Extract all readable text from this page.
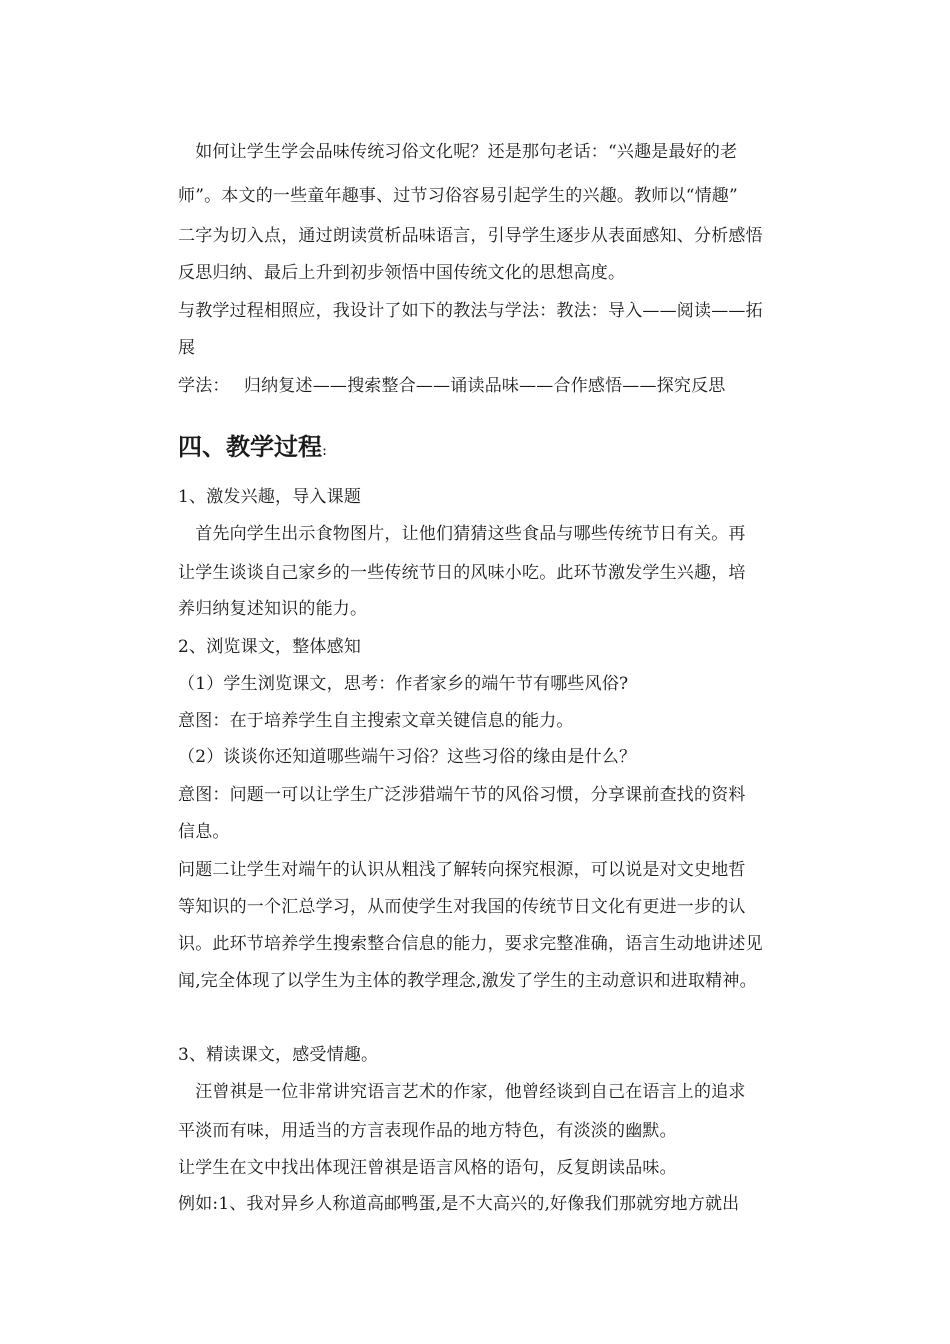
　如何让学生学会品味传统习俗文化呢？还是那句老话：“兴趣是最好的老
师”。本文的一些童年趣事、过节习俗容易引起学生的兴趣。教师以“情趣”
二字为切入点，通过朗读赏析品味语言，引导学生逐步从表面感知、分析感悟
反思归纳、最后上升到初步领悟中国传统文化的思想高度。
与教学过程相照应，我设计了如下的教法与学法：教法：导入——阅读——拓
展
学法：　 归纳复述——搜索整合——诵读品味——合作感悟——探究反思
四、教学过程:
1、激发兴趣，导入课题
　首先向学生出示食物图片，让他们猜猜这些食品与哪些传统节日有关。再
让学生谈谈自己家乡的一些传统节日的风味小吃。此环节激发学生兴趣，培
养归纳复述知识的能力。
2、浏览课文，整体感知
（1）学生浏览课文，思考：作者家乡的端午节有哪些风俗?
意图：在于培养学生自主搜索文章关键信息的能力。
（2）谈谈你还知道哪些端午习俗？这些习俗的缘由是什么？
意图：问题一可以让学生广泛涉猎端午节的风俗习惯，分享课前查找的资料
信息。
问题二让学生对端午的认识从粗浅了解转向探究根源，可以说是对文史地哲
等知识的一个汇总学习，从而使学生对我国的传统节日文化有更进一步的认
识。此环节培养学生搜索整合信息的能力，要求完整准确，语言生动地讲述见
闻,完全体现了以学生为主体的教学理念,激发了学生的主动意识和进取精神。
3、精读课文，感受情趣。
　汪曾祺是一位非常讲究语言艺术的作家，他曾经谈到自己在语言上的追求
平淡而有味，用适当的方言表现作品的地方特色，有淡淡的幽默。
让学生在文中找出体现汪曾祺是语言风格的语句，反复朗读品味。
例如:1、我对异乡人称道高邮鸭蛋,是不大高兴的,好像我们那就穷地方就出
